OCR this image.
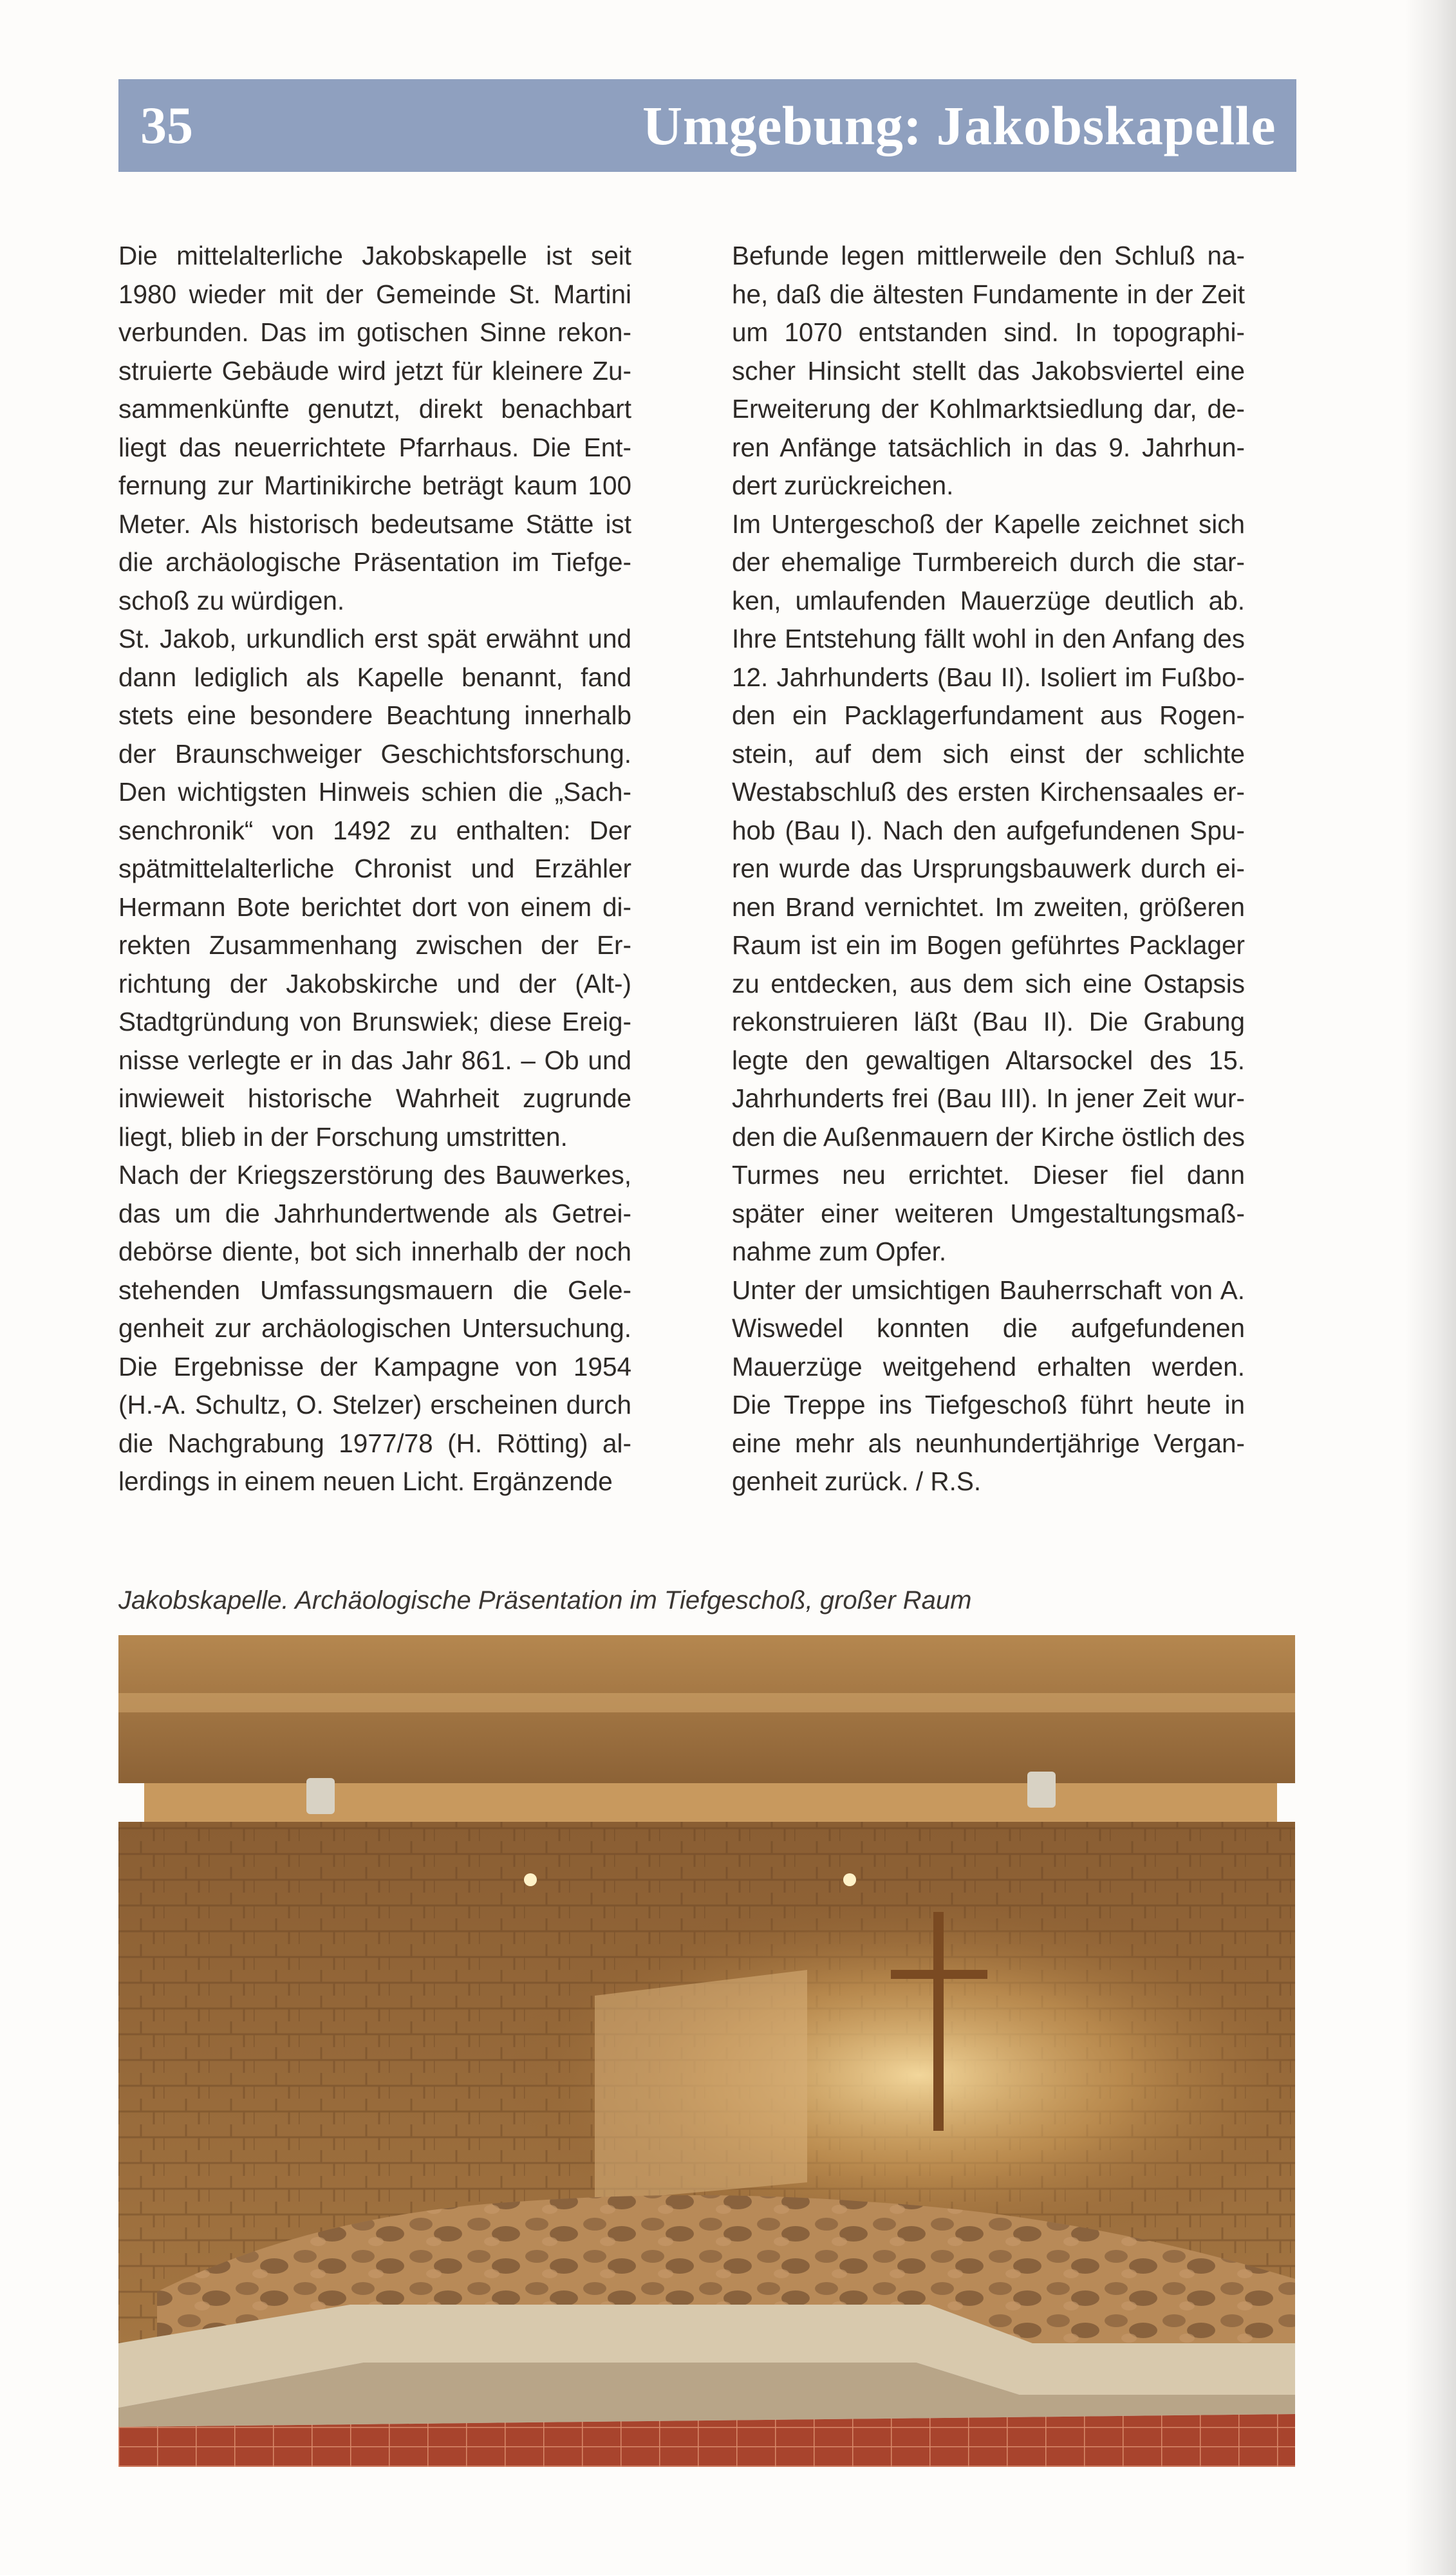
35	Umgebung: Jakobskapelle

Die mittelalterliche Jakobskapelle ist seit 1980 wieder mit der Gemeinde St. Martini verbunden. Das im gotischen Sinne rekonstruierte Gebäude wird jetzt für kleinere Zusammenkünfte genutzt, direkt benachbart liegt das neuerrichtete Pfarrhaus. Die Entfernung zur Martinikirche beträgt kaum 100 Meter. Als historisch bedeutsame Stätte ist die archäologische Präsentation im Tiefgeschoß zu würdigen.

St. Jakob, urkundlich erst spät erwähnt und dann lediglich als Kapelle benannt, fand stets eine besondere Beachtung innerhalb der Braunschweiger Geschichtsforschung. Den wichtigsten Hinweis schien die „Sachsenchronik“ von 1492 zu enthalten: Der spätmittelalterliche Chronist und Erzähler Hermann Bote berichtet dort von einem direkten Zusammenhang zwischen der Errichtung der Jakobskirche und der (Alt-) Stadtgründung von Brunswiek; diese Ereignisse verlegte er in das Jahr 861. – Ob und inwieweit historische Wahrheit zugrunde liegt, blieb in der Forschung umstritten.

Nach der Kriegszerstörung des Bauwerkes, das um die Jahrhundertwende als Getreidebörse diente, bot sich innerhalb der noch stehenden Umfassungsmauern die Gelegenheit zur archäologischen Untersuchung. Die Ergebnisse der Kampagne von 1954 (H.-A. Schultz, O. Stelzer) erscheinen durch die Nachgrabung 1977/78 (H. Rötting) allerdings in einem neuen Licht. Ergänzende

Befunde legen mittlerweile den Schluß nahe, daß die ältesten Fundamente in der Zeit um 1070 entstanden sind. In topographischer Hinsicht stellt das Jakobsviertel eine Erweiterung der Kohlmarktsiedlung dar, deren Anfänge tatsächlich in das 9. Jahrhundert zurückreichen.

Im Untergeschoß der Kapelle zeichnet sich der ehemalige Turmbereich durch die starken, umlaufenden Mauerzüge deutlich ab. Ihre Entstehung fällt wohl in den Anfang des 12. Jahrhunderts (Bau II). Isoliert im Fußboden ein Packlagerfundament aus Rogenstein, auf dem sich einst der schlichte Westabschluß des ersten Kirchensaales erhob (Bau I). Nach den aufgefundenen Spuren wurde das Ursprungsbauwerk durch einen Brand vernichtet. Im zweiten, größeren Raum ist ein im Bogen geführtes Packlager zu entdecken, aus dem sich eine Ostapsis rekonstruieren läßt (Bau II). Die Grabung legte den gewaltigen Altarsockel des 15. Jahrhunderts frei (Bau III). In jener Zeit wurden die Außenmauern der Kirche östlich des Turmes neu errichtet. Dieser fiel dann später einer weiteren Umgestaltungsmaßnahme zum Opfer.

Unter der umsichtigen Bauherrschaft von A. Wiswedel konnten die aufgefundenen Mauerzüge weitgehend erhalten werden. Die Treppe ins Tiefgeschoß führt heute in eine mehr als neunhundertjährige Vergangenheit zurück. / R.S.

Jakobskapelle. Archäologische Präsentation im Tiefgeschoß, großer Raum
